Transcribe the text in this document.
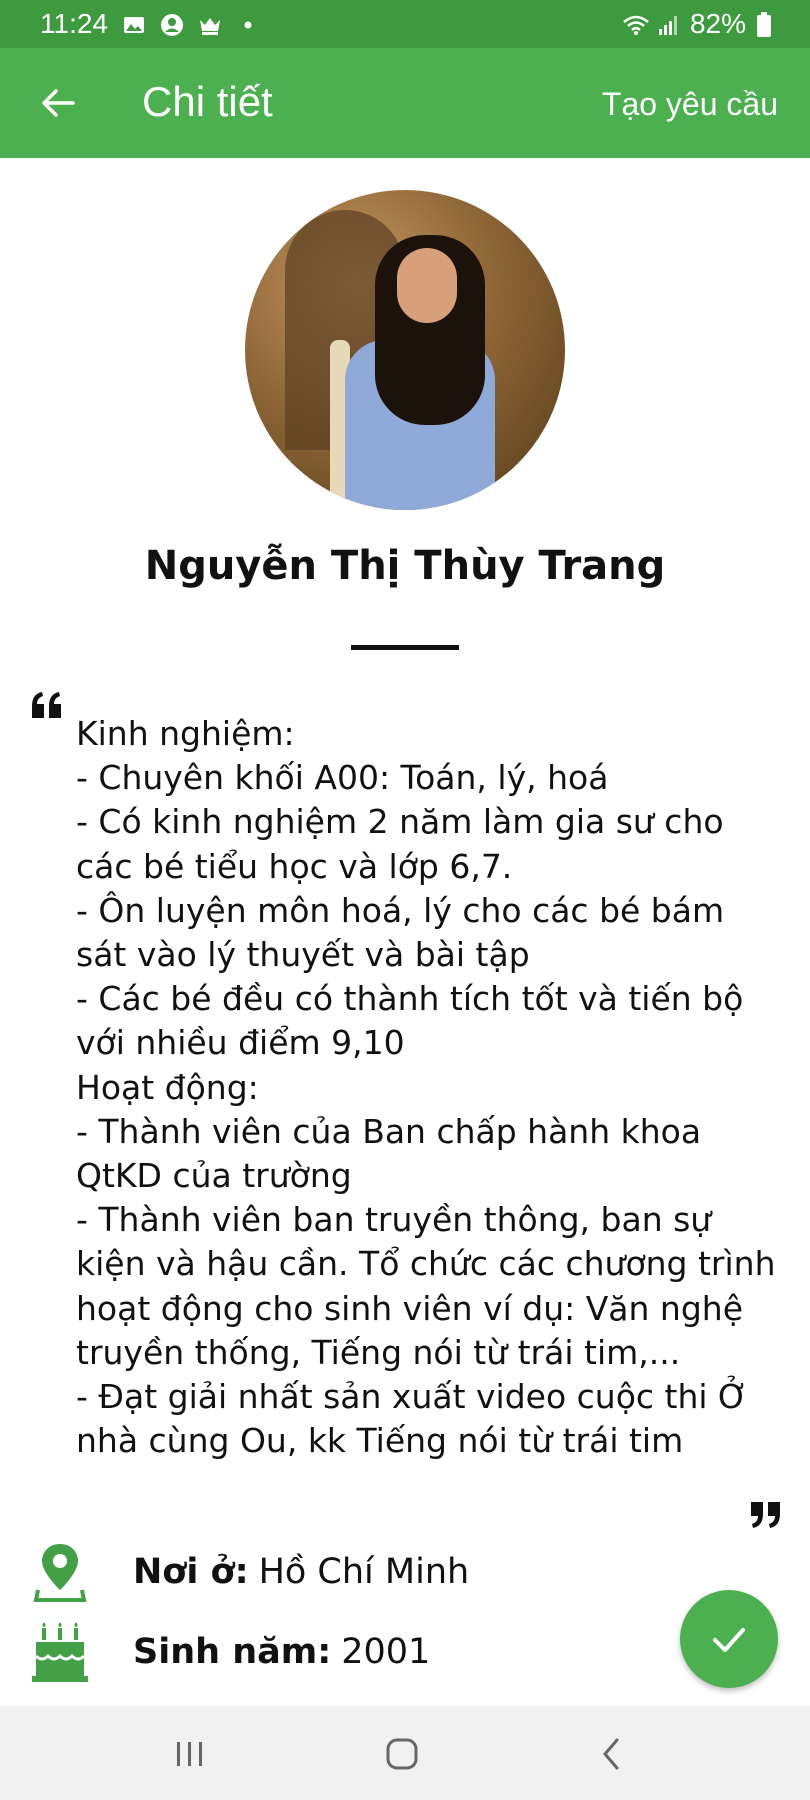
11:24	82%
Chi tiết	Tạo yêu cầu
Nguyễn Thị Thùy Trang
Kinh nghiệm:
- Chuyên khối A00: Toán, lý, hoá
- Có kinh nghiệm 2 năm làm gia sư cho các bé tiểu học và lớp 6,7.
- Ôn luyện môn hoá, lý cho các bé bám sát vào lý thuyết và bài tập
- Các bé đều có thành tích tốt và tiến bộ với nhiều điểm 9,10
Hoạt động:
- Thành viên của Ban chấp hành khoa QtKD của trường
- Thành viên ban truyền thông, ban sự kiện và hậu cần. Tổ chức các chương trình hoạt động cho sinh viên ví dụ: Văn nghệ truyền thống, Tiếng nói từ trái tim,...
- Đạt giải nhất sản xuất video cuộc thi Ở nhà cùng Ou, kk Tiếng nói từ trái tim
Nơi ở: Hồ Chí Minh
Sinh năm: 2001
